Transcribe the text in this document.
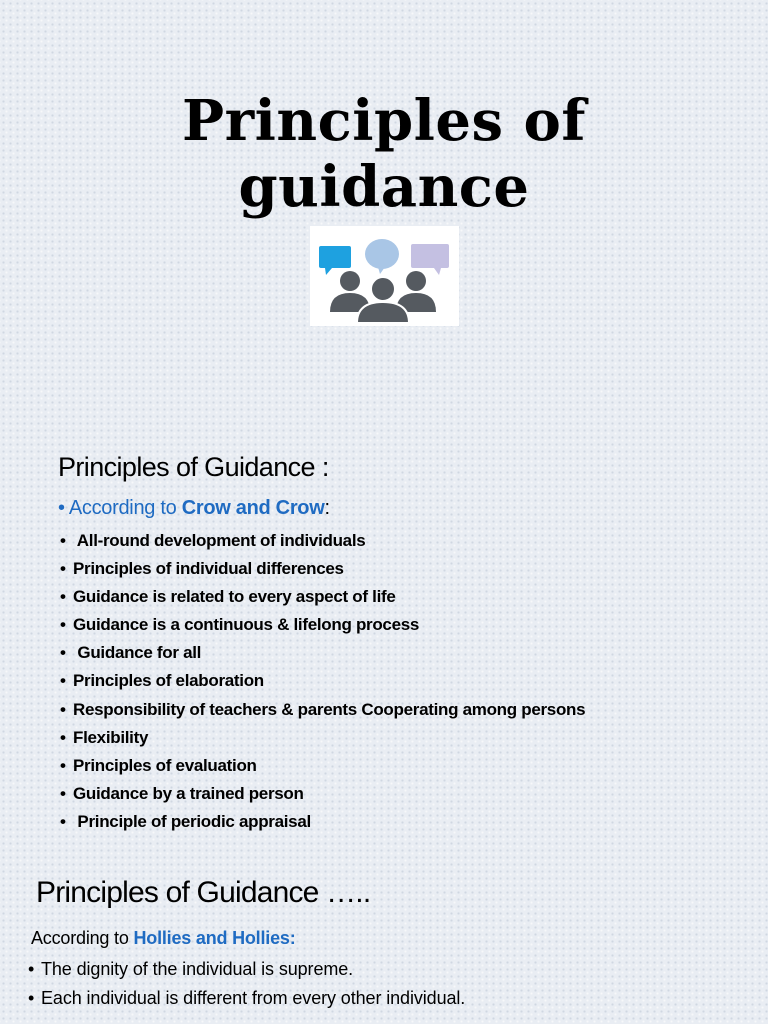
Principles of
guidance
Principles of Guidance :
• According to Crow and Crow:
• All-round development of individuals
• Principles of individual differences
• Guidance is related to every aspect of life
• Guidance is a continuous & lifelong process
• Guidance for all
• Principles of elaboration
• Responsibility of teachers & parents Cooperating among persons
• Flexibility
• Principles of evaluation
• Guidance by a trained person
• Principle of periodic appraisal
Principles of Guidance …..
According to Hollies and Hollies:
• The dignity of the individual is supreme.
• Each individual is different from every other individual.
